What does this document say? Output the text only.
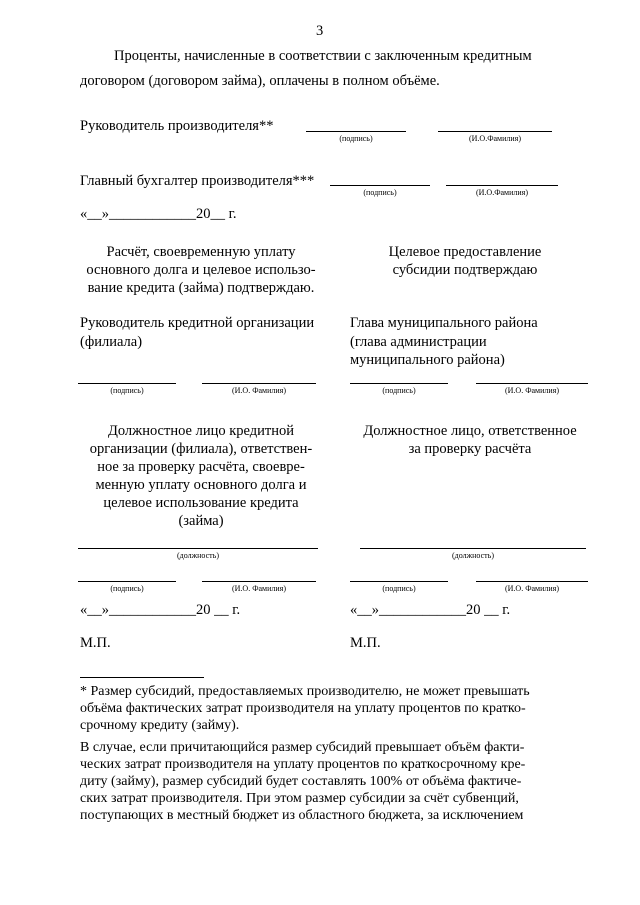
3
Проценты, начисленные в соответствии с заключенным кредитным
договором (договором займа), оплачены в полном объёме.
Руководитель производителя**
(подпись)	(И.О.Фамилия)
Главный бухгалтер производителя***
(подпись)	(И.О.Фамилия)
«__»____________20__ г.
Расчёт, своевременную уплату
основного долга и целевое использо-
вание кредита (займа) подтверждаю.
Целевое предоставление
субсидии подтверждаю
Руководитель кредитной организации
(филиала)
(подпись)	(И.О. Фамилия)
Глава муниципального района
(глава администрации
муниципального района)
(подпись)	(И.О. Фамилия)
Должностное лицо кредитной
организации (филиала), ответствен-
ное за проверку расчёта, своевре-
менную уплату основного долга и
целевое использование кредита
(займа)
(должность)
(подпись)	(И.О. Фамилия)
«__»____________20 __ г.
М.П.
Должностное лицо, ответственное
за проверку расчёта
(должность)
(подпись)	(И.О. Фамилия)
«__»____________20 __ г.
М.П.
* Размер субсидий, предоставляемых производителю, не может превышать
объёма фактических затрат производителя на уплату процентов по кратко-
срочному кредиту (займу).
В случае, если причитающийся размер субсидий превышает объём факти-
ческих затрат производителя на уплату процентов по краткосрочному кре-
диту (займу), размер субсидий будет составлять 100% от объёма фактиче-
ских затрат производителя. При этом размер субсидии за счёт субвенций,
поступающих в местный бюджет из областного бюджета, за исключением
